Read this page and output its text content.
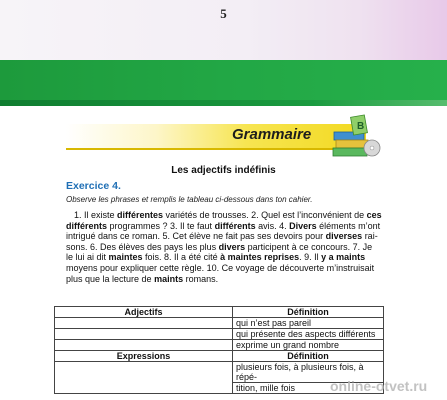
5
Grammaire	B
Les adjectifs indéfinis
Exercice 4.
Observe les phrases et remplis le tableau ci-dessous dans ton cahier.
1. Il existe différentes variétés de trousses. 2. Quel est l’inconvénient de ces
différents programmes ? 3. Il te faut différents avis. 4. Divers éléments m’ont
intrigué dans ce roman. 5. Cet élève ne fait pas ses devoirs pour diverses rai-
sons. 6. Des élèves des pays les plus divers participent à ce concours. 7. Je
le lui ai dit maintes fois. 8. Il a été cité à maintes reprises. 9. Il y a maints
moyens pour expliquer cette règle. 10. Ce voyage de découverte m’instruisait
plus que la lecture de maints romans.
Adjectifs	Définition
	qui n’est pas pareil
	qui présente des aspects différents
	exprime un grand nombre
Expressions	Définition
	plusieurs fois, à plusieurs fois, à répé-
	tition, mille fois online-otvet.ru
